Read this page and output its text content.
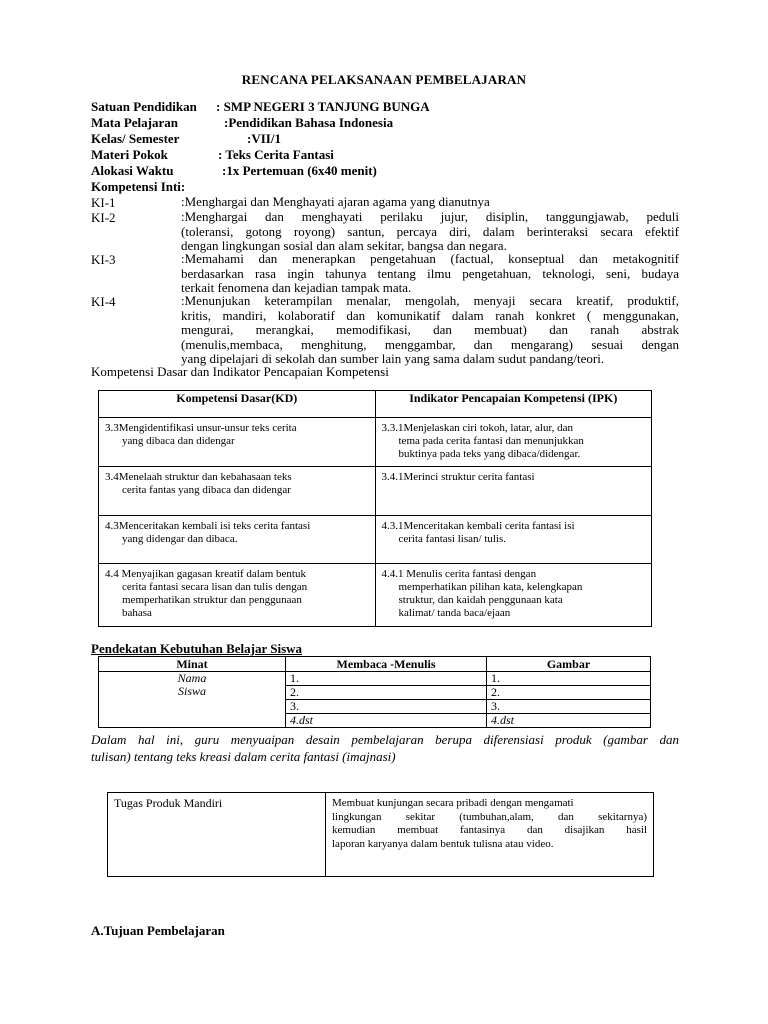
RENCANA PELAKSANAAN PEMBELAJARAN
Satuan Pendidikan : SMP NEGERI 3 TANJUNG BUNGA
Mata Pelajaran	:Pendidikan Bahasa Indonesia
Kelas/ Semester	:VII/1
Materi Pokok	: Teks Cerita Fantasi
Alokasi Waktu	:1x Pertemuan (6x40 menit)
Kompetensi Inti:
KI-1	:Menghargai dan Menghayati ajaran agama yang dianutnya
KI-2	:Menghargai dan menghayati perilaku jujur, disiplin, tanggungjawab, peduli
(toleransi, gotong royong) santun, percaya diri, dalam berinteraksi secara efektif
dengan lingkungan sosial dan alam sekitar, bangsa dan negara.
KI-3	:Memahami dan menerapkan pengetahuan (factual, konseptual dan metakognitif
berdasarkan rasa ingin tahunya tentang ilmu pengetahuan, teknologi, seni, budaya
terkait fenomena dan kejadian tampak mata.
KI-4	:Menunjukan keterampilan menalar, mengolah, menyaji secara kreatif, produktif,
kritis, mandiri, kolaboratif dan komunikatif dalam ranah konkret ( menggunakan,
mengurai, merangkai, memodifikasi, dan membuat) dan ranah abstrak
(menulis,membaca, menghitung, menggambar, dan mengarang) sesuai dengan
yang dipelajari di sekolah dan sumber lain yang sama dalam sudut pandang/teori.
Kompetensi Dasar dan Indikator Pencapaian Kompetensi
Kompetensi Dasar(KD)	Indikator Pencapaian Kompetensi (IPK)

3.3Mengidentifikasi unsur-unsur teks cerita
yang dibaca dan didengar	3.3.1Menjelaskan ciri tokoh, latar, alur, dan
tema pada cerita fantasi dan menunjukkan
buktinya pada teks yang dibaca/didengar.

3.4Menelaah struktur dan kebahasaan teks
cerita fantas yang dibaca dan didengar	3.4.1Merinci struktur cerita fantasi

4.3Menceritakan kembali isi teks cerita fantasi
yang didengar dan dibaca.	4.3.1Menceritakan kembali cerita fantasi isi
cerita fantasi lisan/ tulis.

4.4 Menyajikan gagasan kreatif dalam bentuk
cerita fantasi secara lisan dan tulis dengan
memperhatikan struktur dan penggunaan
bahasa	4.4.1 Menulis cerita fantasi dengan
memperhatikan pilihan kata, kelengkapan
struktur, dan kaidah penggunaan kata
kalimat/ tanda baca/ejaan
Pendekatan Kebutuhan Belajar Siswa
Minat	Membaca -Menulis	Gambar

Nama
Siswa	1.	1.
	2.	2.
	3.	3.
	4.dst	4.dst
Dalam hal ini, guru menyuaipan desain pembelajaran berupa diferensiasi produk (gambar dan
tulisan) tentang teks kreasi dalam cerita fantasi (imajnasi)
Tugas Produk Mandiri	Membuat kunjungan secara pribadi dengan mengamati
lingkungan sekitar (tumbuhan,alam, dan sekitarnya)
kemudian membuat fantasinya dan disajikan hasil
laporan karyanya dalam bentuk tulisna atau video.
A.Tujuan Pembelajaran
